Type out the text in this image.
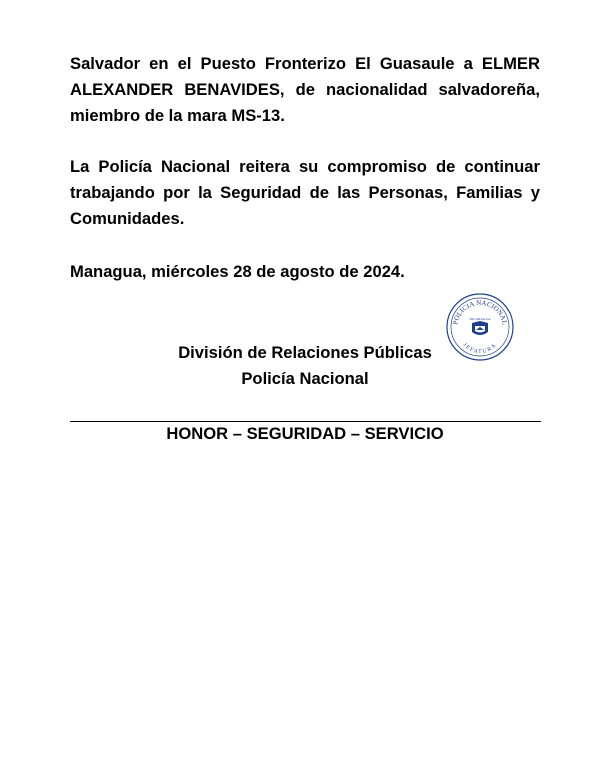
Salvador en el Puesto Fronterizo El Guasaule a ELMER ALEXANDER BENAVIDES, de nacionalidad salvadoreña, miembro de la mara MS-13.

La Policía Nacional reitera su compromiso de continuar trabajando por la Seguridad de las Personas, Familias y Comunidades.

Managua, miércoles 28 de agosto de 2024.

División de Relaciones Públicas

Policía Nacional

POLICIA NACIONAL
JEFATURA
NICARAGUA

HONOR – SEGURIDAD – SERVICIO
